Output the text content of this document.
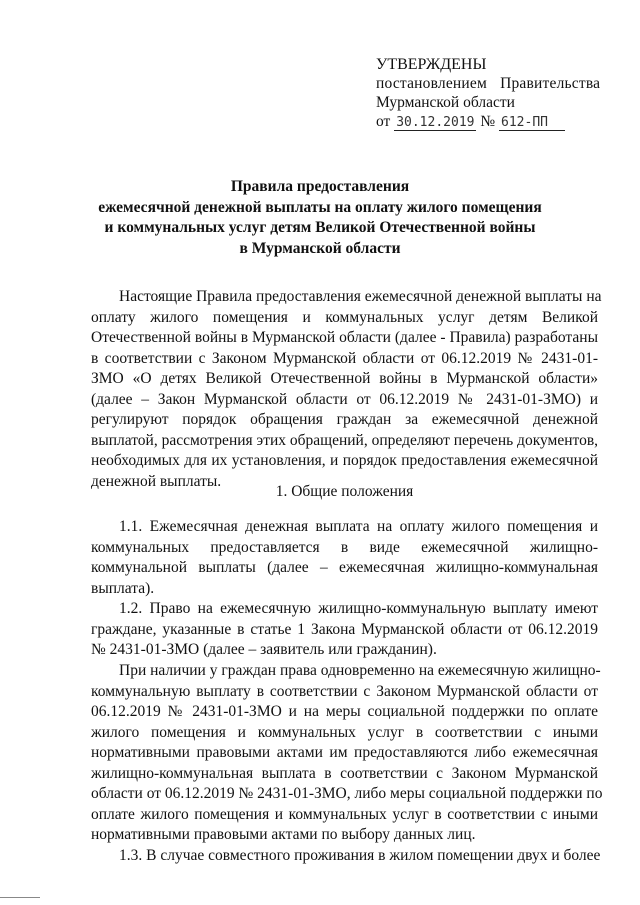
УТВЕРЖДЕНЫ
постановлением Правительства
Мурманской области
от 30.12.2019 № 612-ПП
Правила предоставления
ежемесячной денежной выплаты на оплату жилого помещения
и коммунальных услуг детям Великой Отечественной войны
в Мурманской области
Настоящие Правила предоставления ежемесячной денежной выплаты на
оплату жилого помещения и коммунальных услуг детям Великой
Отечественной войны в Мурманской области (далее - Правила) разработаны
в соответствии с Законом Мурманской области от 06.12.2019 № 2431-01-
ЗМО «О детях Великой Отечественной войны в Мурманской области»
(далее – Закон Мурманской области от 06.12.2019 № 2431-01-ЗМО) и
регулируют порядок обращения граждан за ежемесячной денежной
выплатой, рассмотрения этих обращений, определяют перечень документов,
необходимых для их установления, и порядок предоставления ежемесячной
денежной выплаты.
1. Общие положения
1.1. Ежемесячная денежная выплата на оплату жилого помещения и
коммунальных предоставляется в виде ежемесячной жилищно-
коммунальной выплаты (далее – ежемесячная жилищно-коммунальная
выплата).
1.2. Право на ежемесячную жилищно-коммунальную выплату имеют
граждане, указанные в статье 1 Закона Мурманской области от 06.12.2019
№ 2431-01-ЗМО (далее – заявитель или гражданин).
При наличии у граждан права одновременно на ежемесячную жилищно-
коммунальную выплату в соответствии с Законом Мурманской области от
06.12.2019 № 2431-01-ЗМО и на меры социальной поддержки по оплате
жилого помещения и коммунальных услуг в соответствии с иными
нормативными правовыми актами им предоставляются либо ежемесячная
жилищно-коммунальная выплата в соответствии с Законом Мурманской
области от 06.12.2019 № 2431-01-ЗМО, либо меры социальной поддержки по
оплате жилого помещения и коммунальных услуг в соответствии с иными
нормативными правовыми актами по выбору данных лиц.
1.3. В случае совместного проживания в жилом помещении двух и более
